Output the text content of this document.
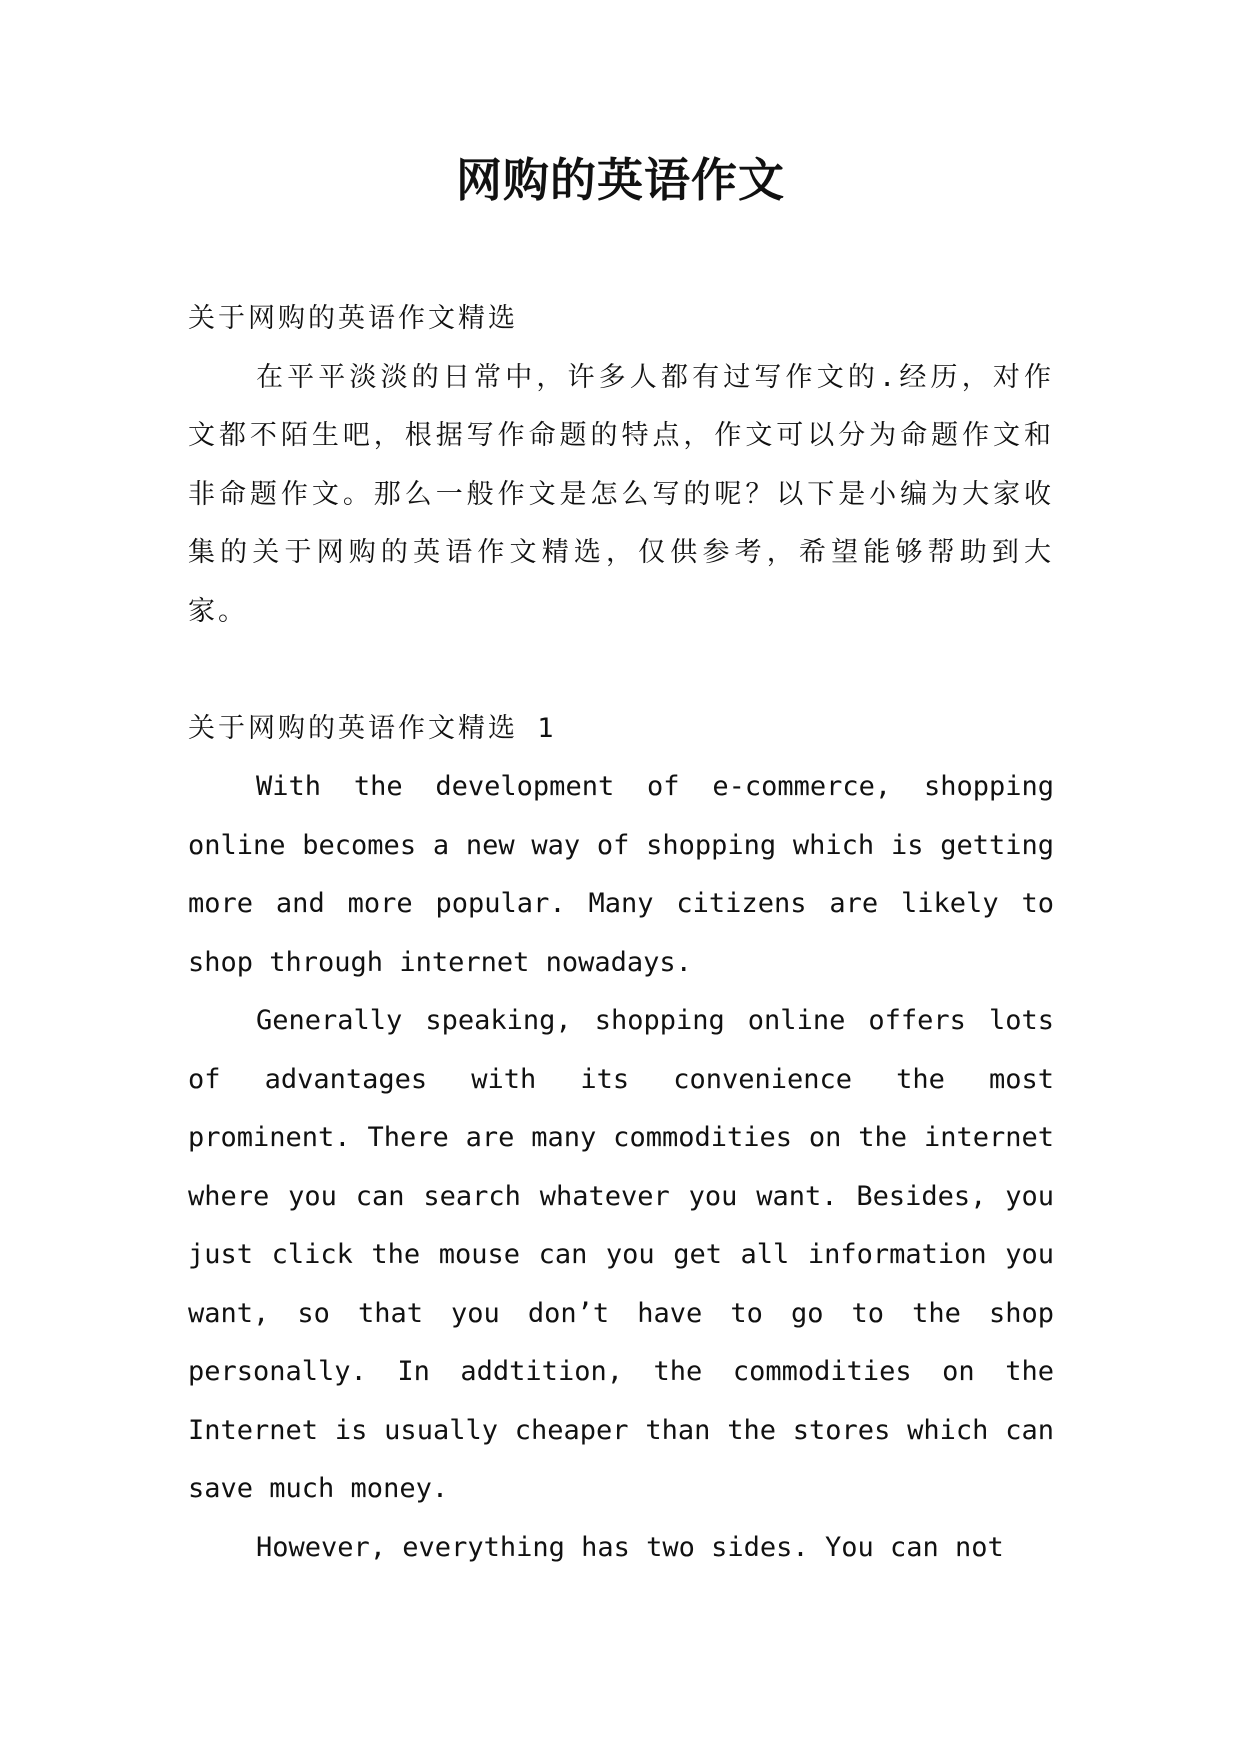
网购的英语作文

关于网购的英语作文精选

在平平淡淡的日常中，许多人都有过写作文的.经历，对作文都不陌生吧，根据写作命题的特点，作文可以分为命题作文和非命题作文。那么一般作文是怎么写的呢？以下是小编为大家收集的关于网购的英语作文精选，仅供参考，希望能够帮助到大家。

关于网购的英语作文精选 1

With the development of e-commerce, shopping online becomes a new way of shopping which is getting more and more popular. Many citizens are likely to shop through internet nowadays.

Generally speaking, shopping online offers lots of advantages with its convenience the most prominent. There are many commodities on the internet where you can search whatever you want. Besides, you just click the mouse can you get all information you want, so that you don’t have to go to the shop personally. In addtition, the commodities on the Internet is usually cheaper than the stores which can save much money.

However, everything has two sides. You can not
